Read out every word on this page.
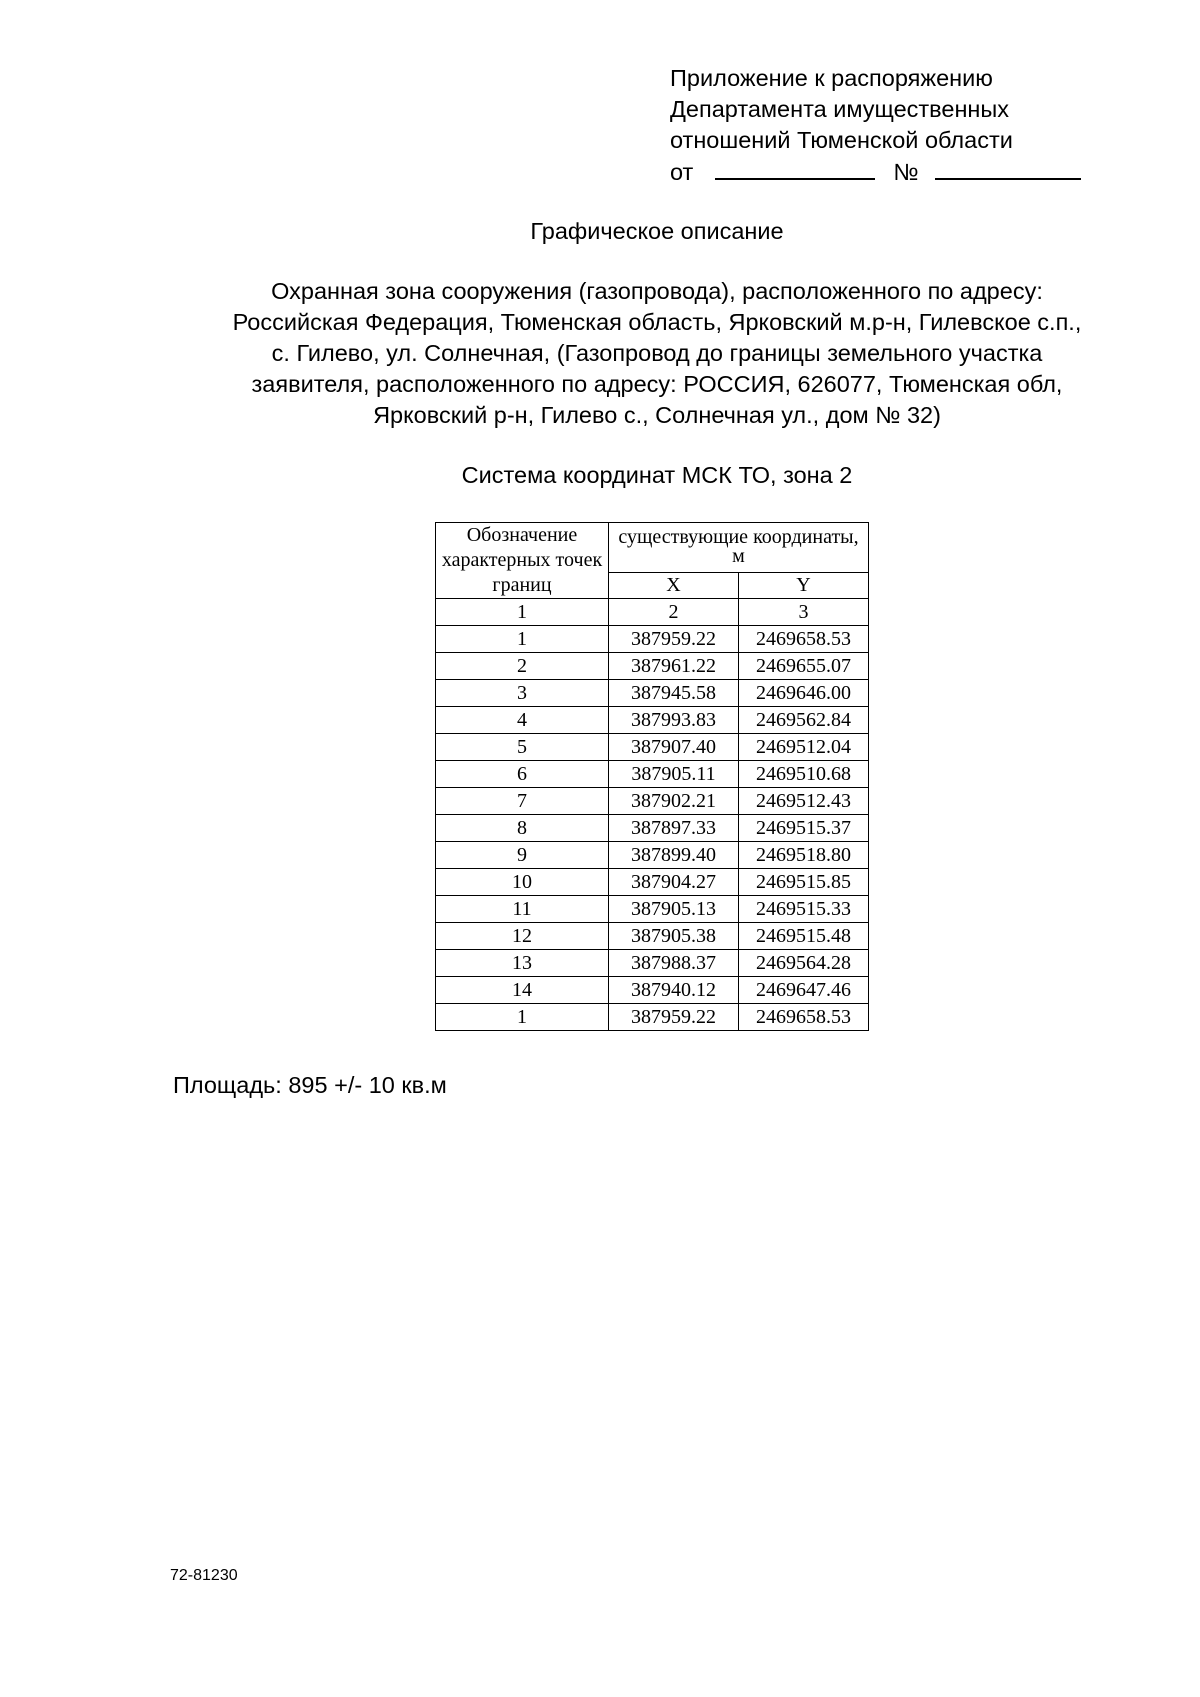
Приложение к распоряжению
Департамента имущественных
отношений Тюменской области
от	№
Графическое описание
Охранная зона сооружения (газопровода), расположенного по адресу:
Российская Федерация, Тюменская область, Ярковский м.р-н, Гилевское с.п.,
с. Гилево, ул. Солнечная, (Газопровод до границы земельного участка
заявителя, расположенного по адресу: РОССИЯ, 626077, Тюменская обл,
Ярковский р-н, Гилево с., Солнечная ул., дом № 32)
Система координат МСК ТО, зона 2
Обозначение характерных точек границ	существующие координаты, м	
	X	Y
1	2	3
1	387959.22	2469658.53
2	387961.22	2469655.07
3	387945.58	2469646.00
4	387993.83	2469562.84
5	387907.40	2469512.04
6	387905.11	2469510.68
7	387902.21	2469512.43
8	387897.33	2469515.37
9	387899.40	2469518.80
10	387904.27	2469515.85
11	387905.13	2469515.33
12	387905.38	2469515.48
13	387988.37	2469564.28
14	387940.12	2469647.46
1	387959.22	2469658.53
Площадь: 895 +/- 10 кв.м
72-81230
